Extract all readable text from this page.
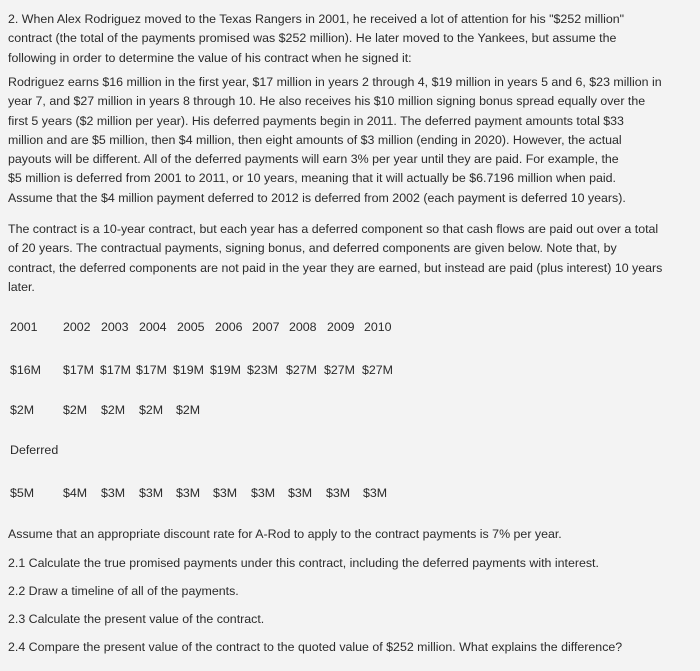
2. When Alex Rodriguez moved to the Texas Rangers in 2001, he received a lot of attention for his "$252 million"
contract (the total of the payments promised was $252 million). He later moved to the Yankees, but assume the
following in order to determine the value of his contract when he signed it:

Rodriguez earns $16 million in the first year, $17 million in years 2 through 4, $19 million in years 5 and 6, $23 million in
year 7, and $27 million in years 8 through 10. He also receives his $10 million signing bonus spread equally over the
first 5 years ($2 million per year). His deferred payments begin in 2011. The deferred payment amounts total $33
million and are $5 million, then $4 million, then eight amounts of $3 million (ending in 2020). However, the actual
payouts will be different. All of the deferred payments will earn 3% per year until they are paid. For example, the
$5 million is deferred from 2001 to 2011, or 10 years, meaning that it will actually be $6.7196 million when paid.
Assume that the $4 million payment deferred to 2012 is deferred from 2002 (each payment is deferred 10 years).

The contract is a 10-year contract, but each year has a deferred component so that cash flows are paid out over a total
of 20 years. The contractual payments, signing bonus, and deferred components are given below. Note that, by
contract, the deferred components are not paid in the year they are earned, but instead are paid (plus interest) 10 years
later.

2001 2002 2003 2004 2005 2006 2007 2008 2009 2010
$16M $17M $17M $17M $19M $19M $23M $27M $27M $27M
$2M $2M $2M $2M $2M
Deferred
$5M $4M $3M $3M $3M $3M $3M $3M $3M $3M

Assume that an appropriate discount rate for A-Rod to apply to the contract payments is 7% per year.

2.1 Calculate the true promised payments under this contract, including the deferred payments with interest.

2.2 Draw a timeline of all of the payments.

2.3 Calculate the present value of the contract.

2.4 Compare the present value of the contract to the quoted value of $252 million. What explains the difference?
